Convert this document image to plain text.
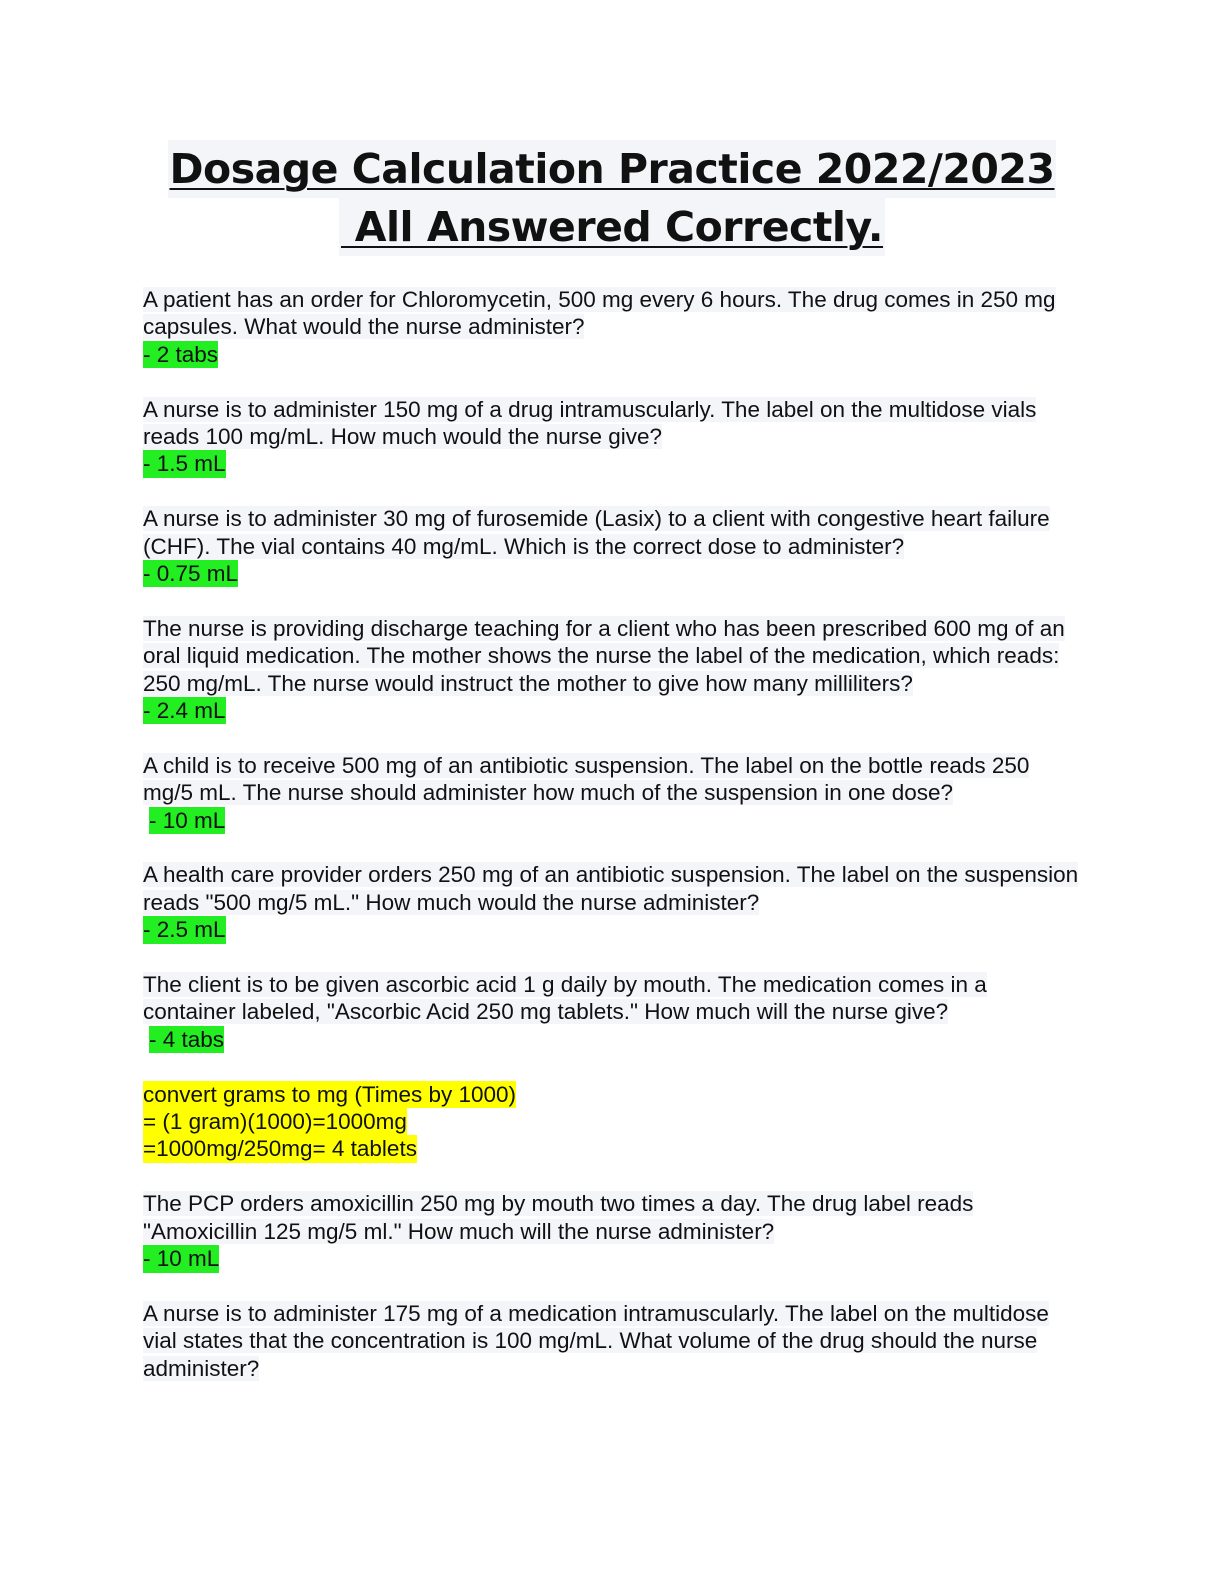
Dosage Calculation Practice 2022/2023
All Answered Correctly.
A patient has an order for Chloromycetin, 500 mg every 6 hours. The drug comes in 250 mg capsules. What would the nurse administer?
- 2 tabs
A nurse is to administer 150 mg of a drug intramuscularly. The label on the multidose vials reads 100 mg/mL. How much would the nurse give?
- 1.5 mL
A nurse is to administer 30 mg of furosemide (Lasix) to a client with congestive heart failure (CHF). The vial contains 40 mg/mL. Which is the correct dose to administer?
- 0.75 mL
The nurse is providing discharge teaching for a client who has been prescribed 600 mg of an oral liquid medication. The mother shows the nurse the label of the medication, which reads: 250 mg/mL. The nurse would instruct the mother to give how many milliliters?
- 2.4 mL
A child is to receive 500 mg of an antibiotic suspension. The label on the bottle reads 250 mg/5 mL. The nurse should administer how much of the suspension in one dose?
- 10 mL
A health care provider orders 250 mg of an antibiotic suspension. The label on the suspension reads "500 mg/5 mL." How much would the nurse administer?
- 2.5 mL
The client is to be given ascorbic acid 1 g daily by mouth. The medication comes in a container labeled, "Ascorbic Acid 250 mg tablets." How much will the nurse give?
- 4 tabs
convert grams to mg (Times by 1000)
= (1 gram)(1000)=1000mg
=1000mg/250mg= 4 tablets
The PCP orders amoxicillin 250 mg by mouth two times a day. The drug label reads "Amoxicillin 125 mg/5 ml." How much will the nurse administer?
- 10 mL
A nurse is to administer 175 mg of a medication intramuscularly. The label on the multidose vial states that the concentration is 100 mg/mL. What volume of the drug should the nurse administer?
